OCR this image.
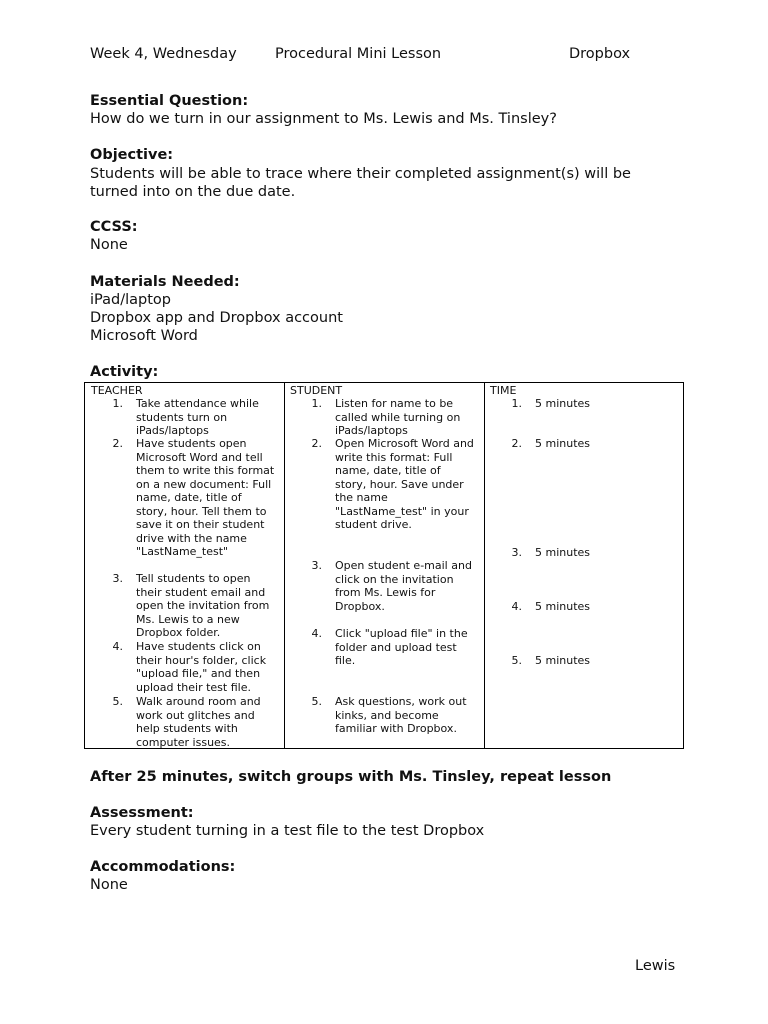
Week 4, Wednesday	Procedural Mini Lesson	Dropbox
Essential Question:
How do we turn in our assignment to Ms. Lewis and Ms. Tinsley?
Objective:
Students will be able to trace where their completed assignment(s) will be turned into on the due date.
CCSS:
None
Materials Needed:
iPad/laptop
Dropbox app and Dropbox account
Microsoft Word
Activity:
TEACHER
1. Take attendance while students turn on iPads/laptops
2. Have students open Microsoft Word and tell them to write this format on a new document: Full name, date, title of story, hour. Tell them to save it on their student drive with the name "LastName_test"
3. Tell students to open their student email and open the invitation from Ms. Lewis to a new Dropbox folder.
4. Have students click on their hour's folder, click "upload file," and then upload their test file.
5. Walk around room and work out glitches and help students with computer issues.
STUDENT
1. Listen for name to be called while turning on iPads/laptops
2. Open Microsoft Word and write this format: Full name, date, title of story, hour. Save under the name "LastName_test" in your student drive.
3. Open student e-mail and click on the invitation from Ms. Lewis for Dropbox.
4. Click "upload file" in the folder and upload test file.
5. Ask questions, work out kinks, and become familiar with Dropbox.
TIME
1. 5 minutes
2. 5 minutes
3. 5 minutes
4. 5 minutes
5. 5 minutes
After 25 minutes, switch groups with Ms. Tinsley, repeat lesson
Assessment:
Every student turning in a test file to the test Dropbox
Accommodations:
None
Lewis
